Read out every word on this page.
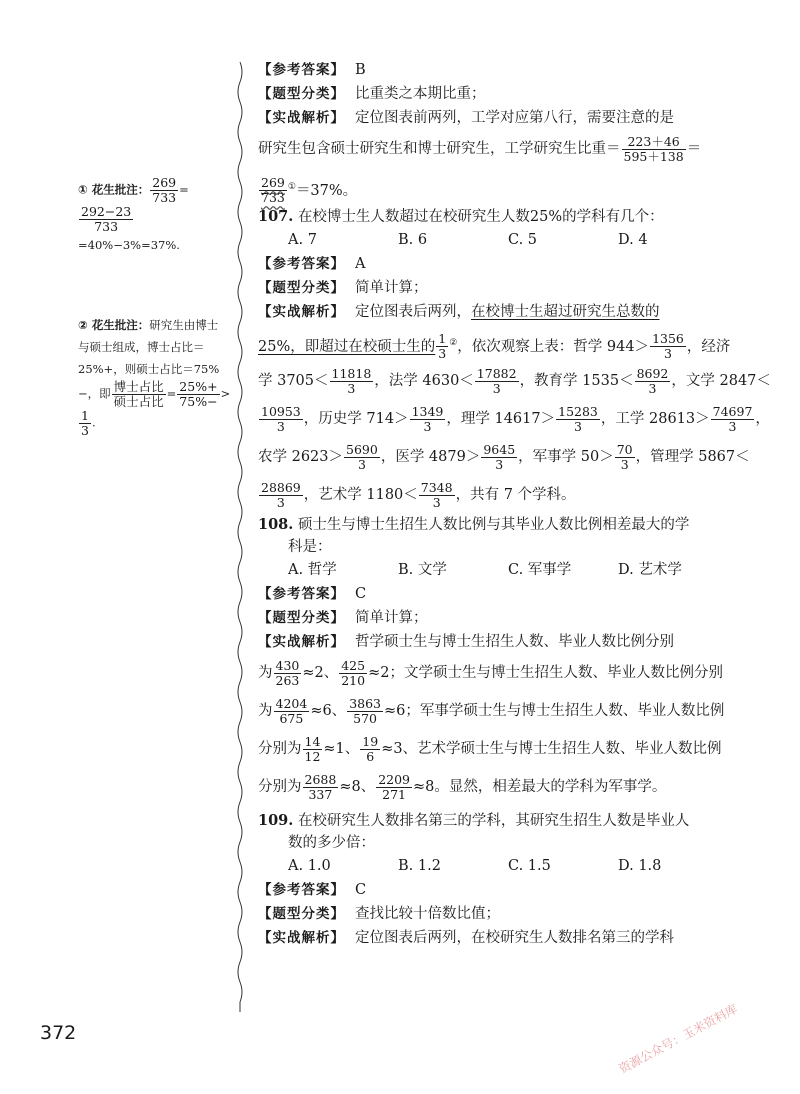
① 花生批注： $\frac{269}{733}$ =
$\frac{292-23}{733}$
=40%−3%=37%.
② 花生批注：研究生由博士
与硕士组成，博士占比＝
25%+，则硕士占比＝75%
−，即 $\frac{\text{博士占比}}{\text{硕士占比}} = \frac{25\%+}{75\%-}$ >
$\frac{1}{3}$ .
【参考答案】 B
【题型分类】 比重类之本期比重；
【实战解析】 定位图表前两列，工学对应第八行，需要注意的是
研究生包含硕士研究生和博士研究生，工学研究生比重＝ $\frac{223+46}{595+138}$ ＝
$\frac{269}{733} ^①=37\%$。
107. 在校博士生人数超过在校研究生人数25%的学科有几个：
A. 7	B. 6	C. 5	D. 4
【参考答案】 A
【题型分类】 简单计算；
【实战解析】 定位图表后两列，在校博士生超过研究生总数的
25%，即超过在校硕士生的 $\frac{1}{3} ^②$，依次观察上表：哲学 $944> \frac{1356}{3}$ ，经济
学 $3705< \frac{11818}{3}$ ，法学 $4630< \frac{17882}{3}$ ，教育学 $1535< \frac{8692}{3}$ ，文学 2847＜
$\frac{10953}{3}$ ，历史学 $714> \frac{1349}{3}$ ，理学 $14617> \frac{15283}{3}$ ，工学 $28613> \frac{74697}{3}$ ，
农学 $2623> \frac{5690}{3}$ ，医学 $4879> \frac{9645}{3}$ ，军事学 $50> \frac{70}{3}$ ，管理学 5867＜
$\frac{28869}{3}$ ，艺术学 $1180< \frac{7348}{3}$ ，共有 7 个学科。
108. 硕士生与博士生招生人数比例与其毕业人数比例相差最大的学
科是：
A. 哲学	B. 文学	C. 军事学	D. 艺术学
【参考答案】 C
【题型分类】 简单计算；
【实战解析】 哲学硕士生与博士生招生人数、毕业人数比例分别
为 $\frac{430}{263} \approx 2$、 $\frac{425}{210} \approx 2$；文学硕士生与博士生招生人数、毕业人数比例分别
为 $\frac{4204}{675} \approx 6$、 $\frac{3863}{570} \approx 6$；军事学硕士生与博士生招生人数、毕业人数比例
分别为 $\frac{14}{12} \approx 1$、 $\frac{19}{6} \approx 3$、艺术学硕士生与博士生招生人数、毕业人数比例
分别为 $\frac{2688}{337} \approx 8$、 $\frac{2209}{271} \approx 8$。显然，相差最大的学科为军事学。
109. 在校研究生人数排名第三的学科，其研究生招生人数是毕业人
数的多少倍：
A. 1.0	B. 1.2	C. 1.5	D. 1.8
【参考答案】 C
【题型分类】 查找比较十倍数比值；
【实战解析】 定位图表后两列，在校研究生人数排名第三的学科
372	资源公众号：玉米资料库
